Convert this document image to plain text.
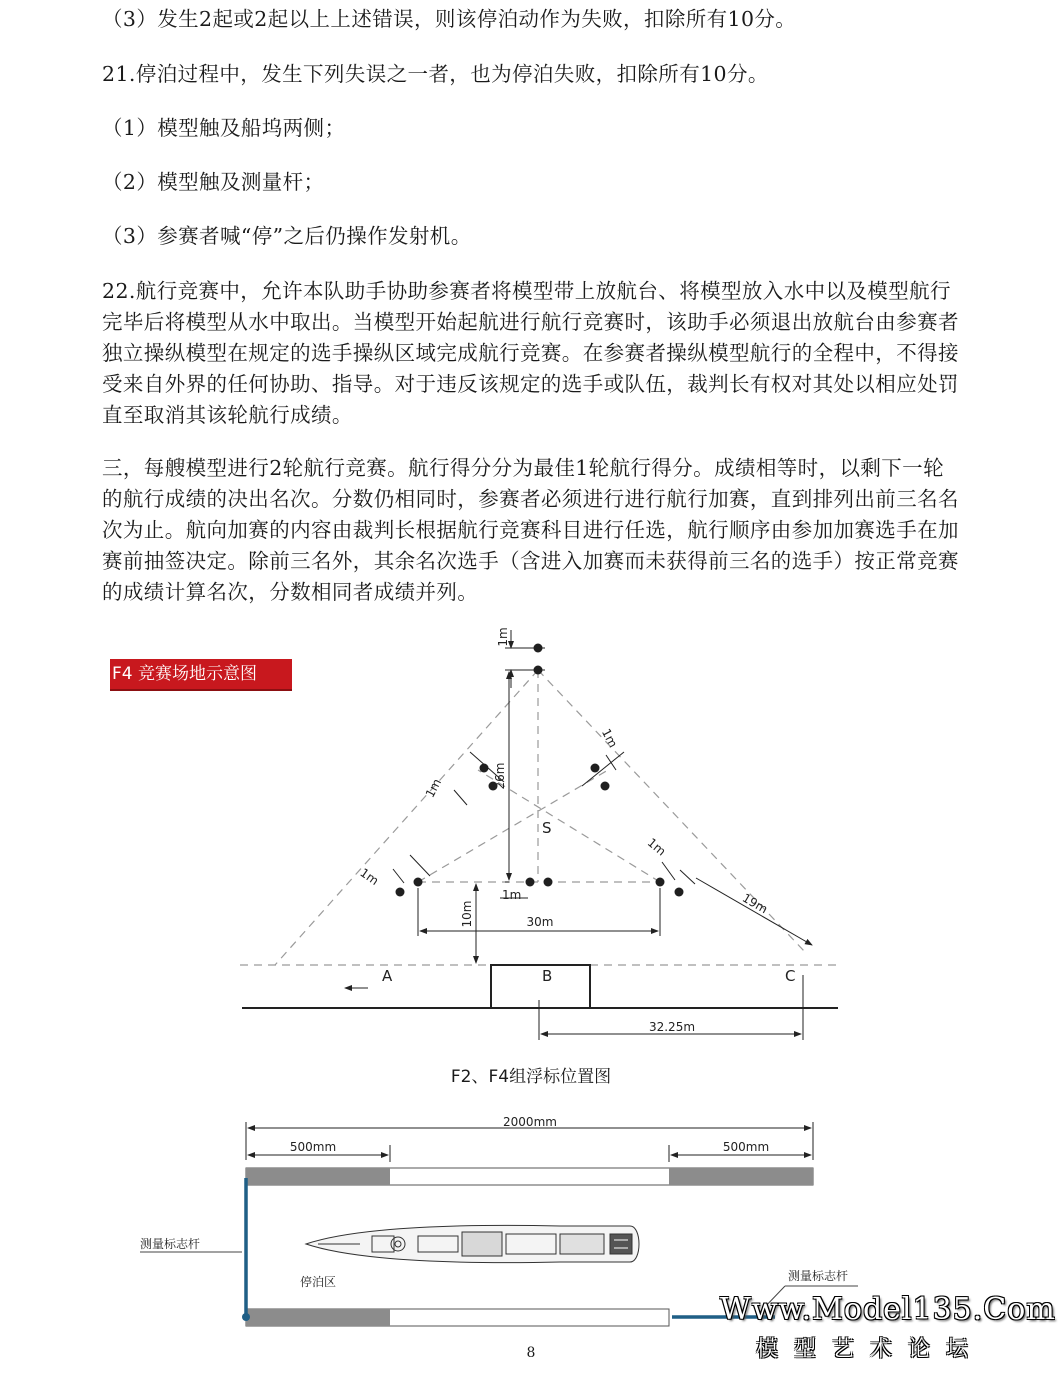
（3）发生2起或2起以上上述错误，则该停泊动作为失败，扣除所有10分。

21.停泊过程中，发生下列失误之一者，也为停泊失败，扣除所有10分。

（1）模型触及船坞两侧；

（2）模型触及测量杆；

（3）参赛者喊“停”之后仍操作发射机。

22.航行竞赛中，允许本队助手协助参赛者将模型带上放航台、将模型放入水中以及模型航行完毕后将模型从水中取出。当模型开始起航进行航行竞赛时，该助手必须退出放航台由参赛者独立操纵模型在规定的选手操纵区域完成航行竞赛。在参赛者操纵模型航行的全程中，不得接受来自外界的任何协助、指导。对于违反该规定的选手或队伍，裁判长有权对其处以相应处罚直至取消其该轮航行成绩。

三，每艘模型进行2轮航行竞赛。航行得分分为最佳1轮航行得分。成绩相等时，以剩下一轮的航行成绩的决出名次。分数仍相同时，参赛者必须进行进行航行加赛，直到排列出前三名名次为止。航向加赛的内容由裁判长根据航行竞赛科目进行任选，航行顺序由参加加赛选手在加赛前抽签决定。除前三名外，其余名次选手（含进入加赛而未获得前三名的选手）按正常竞赛的成绩计算名次，分数相同者成绩并列。

F4 竞赛场地示意图
1m
26m
1m
1m
S
1m
1m
19m
1m
30m
10m
A	B	C
32.25m
F2、F4组浮标位置图
2000mm
500mm	500mm
测量标志杆
测量标志杆
停泊区
8
Www.Model135.Com
模型艺术论坛
